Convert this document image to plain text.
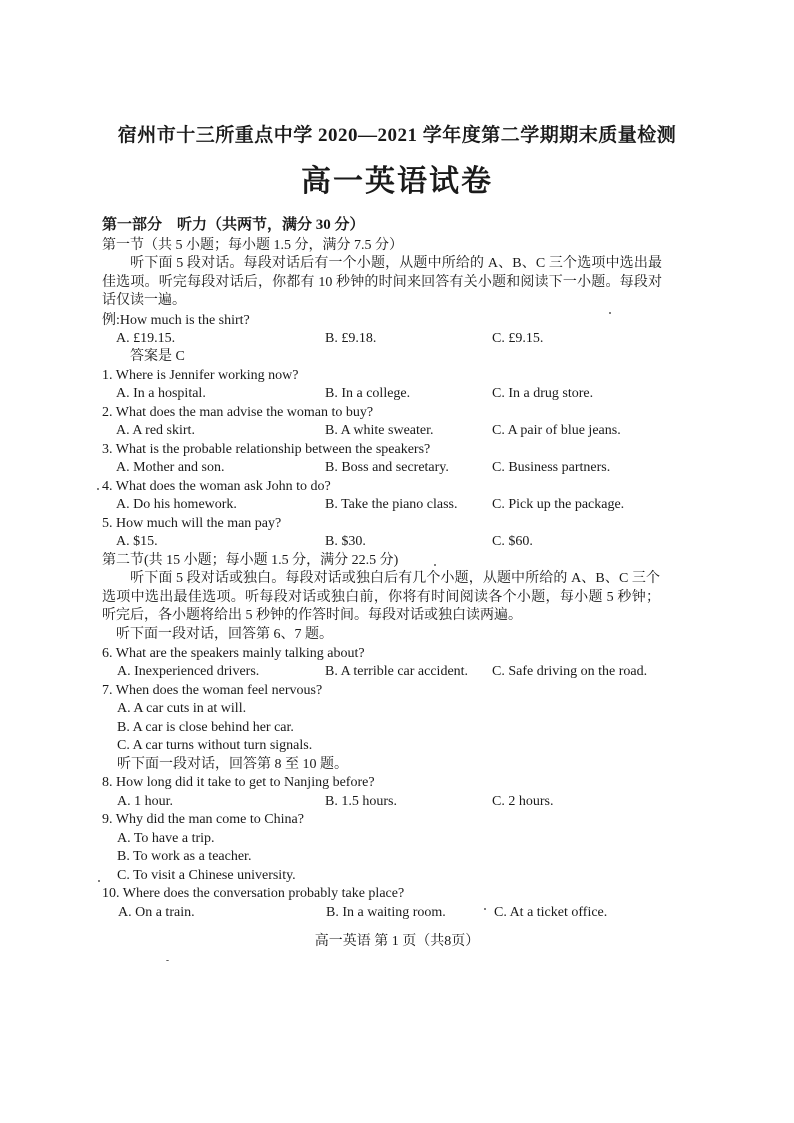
宿州市十三所重点中学 2020—2021 学年度第二学期期末质量检测
高一英语试卷
第一部分　听力（共两节，满分 30 分）
第一节（共 5 小题；每小题 1.5 分，满分 7.5 分）
听下面 5 段对话。每段对话后有一个小题，从题中所给的 A、B、C 三个选项中选出最佳选项。听完每段对话后，你都有 10 秒钟的时间来回答有关小题和阅读下一小题。每段对话仅读一遍。
例:How much is the shirt?
A. £19.15.	B. £9.18.	C. £9.15.
答案是 C
1. Where is Jennifer working now?
A. In a hospital.	B. In a college.	C. In a drug store.
2. What does the man advise the woman to buy?
A. A red skirt.	B. A white sweater.	C. A pair of blue jeans.
3. What is the probable relationship between the speakers?
A. Mother and son.	B. Boss and secretary.	C. Business partners.
4. What does the woman ask John to do?
A. Do his homework.	B. Take the piano class. C. Pick up the package.
5. How much will the man pay?
A. $15.	B. $30.	C. $60.
第二节(共 15 小题；每小题 1.5 分，满分 22.5 分)
听下面 5 段对话或独白。每段对话或独白后有几个小题，从题中所给的 A、B、C 三个选项中选出最佳选项。听每段对话或独白前，你将有时间阅读各个小题，每小题 5 秒钟；听完后，各小题将给出 5 秒钟的作答时间。每段对话或独白读两遍。
听下面一段对话，回答第 6、7 题。
6. What are the speakers mainly talking about?
A. Inexperienced drivers.	B. A terrible car accident. C. Safe driving on the road.
7. When does the woman feel nervous?
A. A car cuts in at will.
B. A car is close behind her car.
C. A car turns without turn signals.
听下面一段对话，回答第 8 至 10 题。
8. How long did it take to get to Nanjing before?
A. 1 hour.	B. 1.5 hours.	C. 2 hours.
9. Why did the man come to China?
A. To have a trip.
B. To work as a teacher.
C. To visit a Chinese university.
10. Where does the conversation probably take place?
A. On a train.	B. In a waiting room.	C. At a ticket office.
高一英语 第 1 页（共8页）
